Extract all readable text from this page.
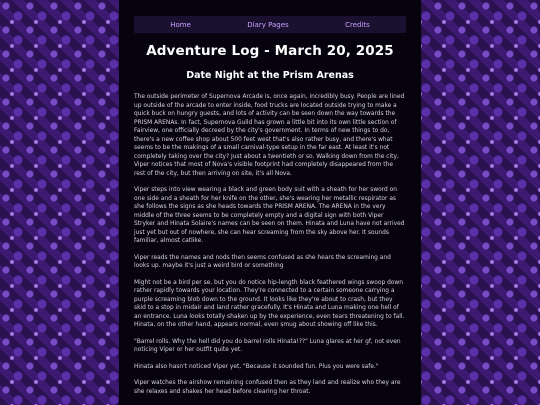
Home	Diary Pages	Credits
Adventure Log - March 20, 2025
Date Night at the Prism Arenas

The outside perimeter of Supernova Arcade is, once again, incredibly busy. People are lined up outside of the arcade to enter inside, food trucks are located outside trying to make a quick buck on hungry guests, and lots of activity can be seen down the way towards the PRISM ARENAs. In fact, Supernova Guild has grown a little bit into its own little section of Fairview, one officially decreed by the city's government. In terms of new things to do, there's a new coffee shop about 500 feet west that's also rather busy, and there's what seems to be the makings of a small carnival-type setup in the far east. At least it's not completely taking over the city? Just about a twentieth or so. Walking down from the city, Viper notices that most of Nova's visible footprint had completely disappeared from the rest of the city, but then arriving on site, it's all Nova.

Viper steps into view wearing a black and green body suit with a sheath for her sword on one side and a sheath for her knife on the other, she's wearing her metallic respirator as she follows the signs as she heads towards the PRISM ARENA. The ARENA in the very middle of the three seems to be completely empty and a digital sign with both Viper Stryker and Hinata Solaire's names can be seen on them. Hinata and Luna have not arrived just yet but out of nowhere, she can hear screaming from the sky above her. It sounds familiar, almost catlike.

Viper reads the names and nods then seems confused as she hears the screaming and looks up. maybe it's just a weird bird or something

Might not be a bird per se, but you do notice hip-length black feathered wings swoop down rather rapidly towards your location. They're connected to a certain someone carrying a purple screaming blob down to the ground. It looks like they're about to crash, but they skid to a stop in midair and land rather gracefully. It's Hinata and Luna making one hell of an entrance. Luna looks totally shaken up by the experience, even tears threatening to fall. Hinata, on the other hand, appears normal, even smug about showing off like this.

"Barrel rolls. Why the hell did you do barrel rolls Hinata!??" Luna glares at her gf, not even noticing Viper or her outfit quite yet.

Hinata also hasn't noticed Viper yet, "Because it sounded fun. Plus you were safe."

Viper watches the airshow remaining confused then as they land and realize who they are she relaxes and shakes her head before clearing her throat.
